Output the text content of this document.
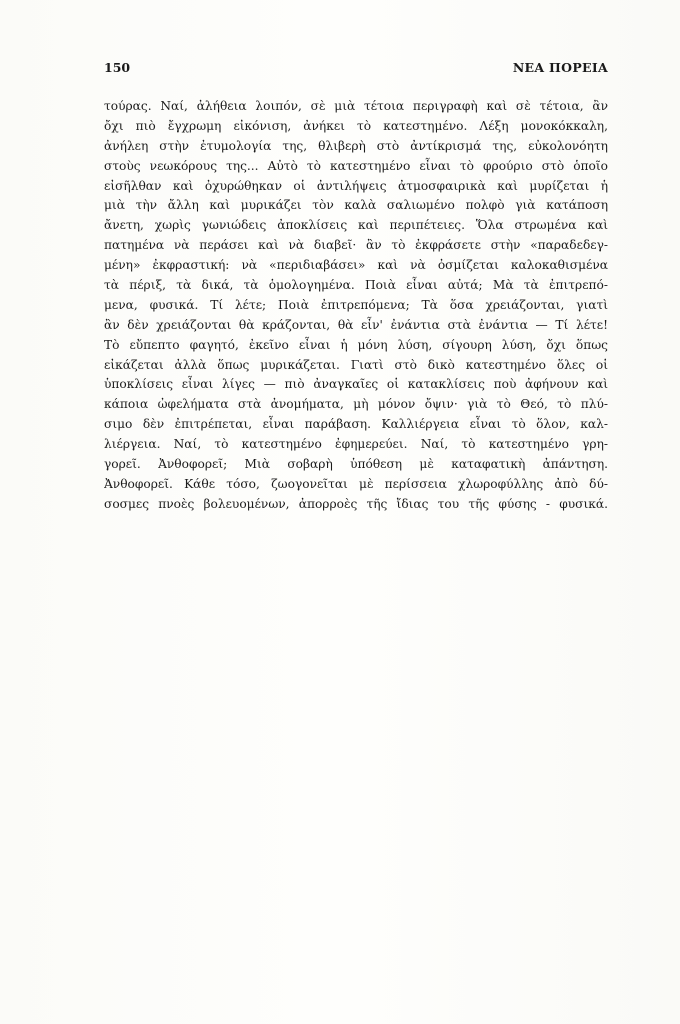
150	ΝΕΑ ΠΟΡΕΙΑ
τούρας. Ναί, ἀλήθεια λοιπόν, σὲ μιὰ τέτοια περιγραφὴ καὶ σὲ τέτοια, ἂν
ὄχι πιὸ ἔγχρωμη εἰκόνιση, ἀνήκει τὸ κατεστημένο. Λέξη μονοκόκκαλη,
ἀνήλεη στὴν ἐτυμολογία της, θλιβερὴ στὸ ἀντίκρισμά της, εὐκολονόητη
στοὺς νεωκόρους της... Αὐτὸ τὸ κατεστημένο εἶναι τὸ φρούριο στὸ ὁποῖο
εἰσῆλθαν καὶ ὀχυρώθηκαν οἱ ἀντιλήψεις ἀτμοσφαιρικὰ καὶ μυρίζεται ἡ
μιὰ τὴν ἄλλη καὶ μυρικάζει τὸν καλὰ σαλιωμένο πολφὸ γιὰ κατάποση
ἄνετη, χωρὶς γωνιώδεις ἀποκλίσεις καὶ περιπέτειες. Ὅλα στρωμένα καὶ
πατημένα νὰ περάσει καὶ νὰ διαβεῖ· ἂν τὸ ἐκφράσετε στὴν «παραδεδεγ-
μένη» ἐκφραστική: νὰ «περιδιαβάσει» καὶ νὰ ὀσμίζεται καλοκαθισμένα
τὰ πέριξ, τὰ δικά, τὰ ὁμολογημένα. Ποιὰ εἶναι αὐτά; Μὰ τὰ ἐπιτρεπό-
μενα, φυσικά. Τί λέτε; Ποιὰ ἐπιτρεπόμενα; Τὰ ὅσα χρειάζονται, γιατὶ
ἂν δὲν χρειάζονται θὰ κράζονται, θὰ εἶν' ἐνάντια στὰ ἐνάντια — Τί λέτε!
Τὸ εὔπεπτο φαγητό, ἐκεῖνο εἶναι ἡ μόνη λύση, σίγουρη λύση, ὄχι ὅπως
εἰκάζεται ἀλλὰ ὅπως μυρικάζεται. Γιατὶ στὸ δικὸ κατεστημένο ὅλες οἱ
ὑποκλίσεις εἶναι λίγες — πιὸ ἀναγκαῖες οἱ κατακλίσεις ποὺ ἀφήνουν καὶ
κάποια ὠφελήματα στὰ ἀνομήματα, μὴ μόνον ὄψιν· γιὰ τὸ Θεό, τὸ πλύ-
σιμο δὲν ἐπιτρέπεται, εἶναι παράβαση. Καλλιέργεια εἶναι τὸ ὅλον, καλ-
λιέργεια. Ναί, τὸ κατεστημένο ἐφημερεύει. Ναί, τὸ κατεστημένο γρη-
γορεῖ. Ἀνθοφορεῖ; Μιὰ σοβαρὴ ὑπόθεση μὲ καταφατικὴ ἀπάντηση.
Ἀνθοφορεῖ. Κάθε τόσο, ζωογονεῖται μὲ περίσσεια χλωροφύλλης ἀπὸ δύ-
σοσμες πνοὲς βολευομένων, ἀπορροὲς τῆς ἴδιας του τῆς φύσης - φυσικά.
